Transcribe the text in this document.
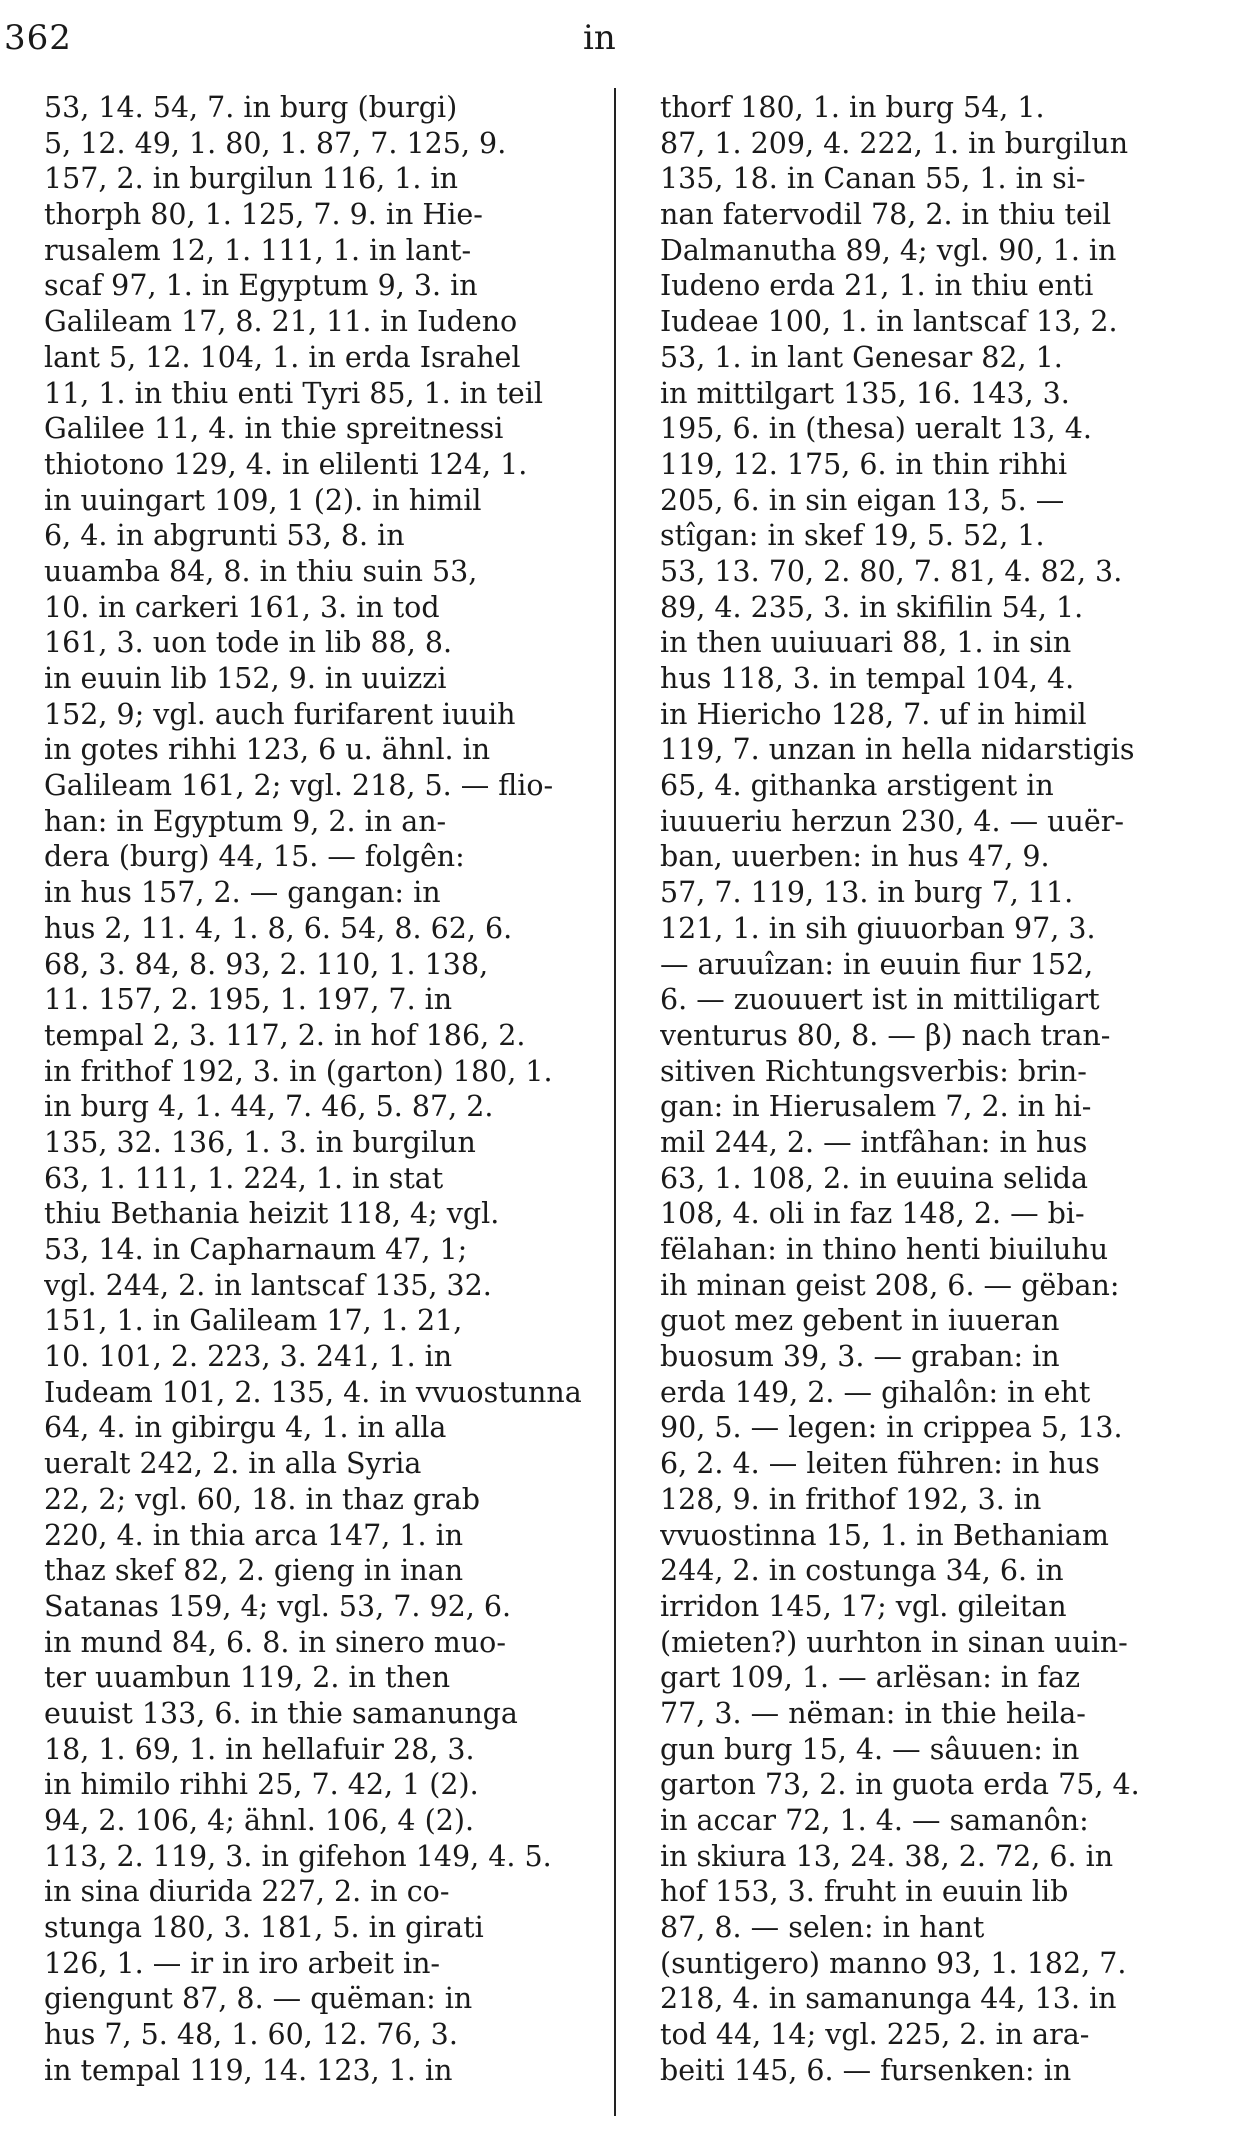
362	in
53, 14. 54, 7. in burg (burgi)
5, 12. 49, 1. 80, 1. 87, 7. 125, 9.
157, 2. in burgilun 116, 1. in
thorph 80, 1. 125, 7. 9. in Hie-
rusalem 12, 1. 111, 1. in lant-
scaf 97, 1. in Egyptum 9, 3. in
Galileam 17, 8. 21, 11. in Iudeno
lant 5, 12. 104, 1. in erda Israhel
11, 1. in thiu enti Tyri 85, 1. in teil
Galilee 11, 4. in thie spreitnessi
thiotono 129, 4. in elilenti 124, 1.
in uuingart 109, 1 (2). in himil
6, 4. in abgrunti 53, 8. in
uuamba 84, 8. in thiu suin 53,
10. in carkeri 161, 3. in tod
161, 3. uon tode in lib 88, 8.
in euuin lib 152, 9. in uuizzi
152, 9; vgl. auch furifarent iuuih
in gotes rihhi 123, 6 u. ähnl. in
Galileam 161, 2; vgl. 218, 5. — flio-
han: in Egyptum 9, 2. in an-
dera (burg) 44, 15. — folgên:
in hus 157, 2. — gangan: in
hus 2, 11. 4, 1. 8, 6. 54, 8. 62, 6.
68, 3. 84, 8. 93, 2. 110, 1. 138,
11. 157, 2. 195, 1. 197, 7. in
tempal 2, 3. 117, 2. in hof 186, 2.
in frithof 192, 3. in (garton) 180, 1.
in burg 4, 1. 44, 7. 46, 5. 87, 2.
135, 32. 136, 1. 3. in burgilun
63, 1. 111, 1. 224, 1. in stat
thiu Bethania heizit 118, 4; vgl.
53, 14. in Capharnaum 47, 1;
vgl. 244, 2. in lantscaf 135, 32.
151, 1. in Galileam 17, 1. 21,
10. 101, 2. 223, 3. 241, 1. in
Iudeam 101, 2. 135, 4. in vvuostunna
64, 4. in gibirgu 4, 1. in alla
ueralt 242, 2. in alla Syria
22, 2; vgl. 60, 18. in thaz grab
220, 4. in thia arca 147, 1. in
thaz skef 82, 2. gieng in inan
Satanas 159, 4; vgl. 53, 7. 92, 6.
in mund 84, 6. 8. in sinero muo-
ter uuambun 119, 2. in then
euuist 133, 6. in thie samanunga
18, 1. 69, 1. in hellafuir 28, 3.
in himilo rihhi 25, 7. 42, 1 (2).
94, 2. 106, 4; ähnl. 106, 4 (2).
113, 2. 119, 3. in gifehon 149, 4. 5.
in sina diurida 227, 2. in co-
stunga 180, 3. 181, 5. in girati
126, 1. — ir in iro arbeit in-
giengunt 87, 8. — quëman: in
hus 7, 5. 48, 1. 60, 12. 76, 3.
in tempal 119, 14. 123, 1. in
thorf 180, 1. in burg 54, 1.
87, 1. 209, 4. 222, 1. in burgilun
135, 18. in Canan 55, 1. in si-
nan fatervodil 78, 2. in thiu teil
Dalmanutha 89, 4; vgl. 90, 1. in
Iudeno erda 21, 1. in thiu enti
Iudeae 100, 1. in lantscaf 13, 2.
53, 1. in lant Genesar 82, 1.
in mittilgart 135, 16. 143, 3.
195, 6. in (thesa) ueralt 13, 4.
119, 12. 175, 6. in thin rihhi
205, 6. in sin eigan 13, 5. —
stîgan: in skef 19, 5. 52, 1.
53, 13. 70, 2. 80, 7. 81, 4. 82, 3.
89, 4. 235, 3. in skifilin 54, 1.
in then uuiuuari 88, 1. in sin
hus 118, 3. in tempal 104, 4.
in Hiericho 128, 7. uf in himil
119, 7. unzan in hella nidarstigis
65, 4. githanka arstigent in
iuuueriu herzun 230, 4. — uuër-
ban, uuerben: in hus 47, 9.
57, 7. 119, 13. in burg 7, 11.
121, 1. in sih giuuorban 97, 3.
— aruuîzan: in euuin fiur 152,
6. — zuouuert ist in mittiligart
venturus 80, 8. — β) nach tran-
sitiven Richtungsverbis: brin-
gan: in Hierusalem 7, 2. in hi-
mil 244, 2. — intfâhan: in hus
63, 1. 108, 2. in euuina selida
108, 4. oli in faz 148, 2. — bi-
fëlahan: in thino henti biuiluhu
ih minan geist 208, 6. — gëban:
guot mez gebent in iuueran
buosum 39, 3. — graban: in
erda 149, 2. — gihalôn: in eht
90, 5. — legen: in crippea 5, 13.
6, 2. 4. — leiten führen: in hus
128, 9. in frithof 192, 3. in
vvuostinna 15, 1. in Bethaniam
244, 2. in costunga 34, 6. in
irridon 145, 17; vgl. gileitan
(mieten?) uurhton in sinan uuin-
gart 109, 1. — arlësan: in faz
77, 3. — nëman: in thie heila-
gun burg 15, 4. — sâuuen: in
garton 73, 2. in guota erda 75, 4.
in accar 72, 1. 4. — samanôn:
in skiura 13, 24. 38, 2. 72, 6. in
hof 153, 3. fruht in euuin lib
87, 8. — selen: in hant
(suntigero) manno 93, 1. 182, 7.
218, 4. in samanunga 44, 13. in
tod 44, 14; vgl. 225, 2. in ara-
beiti 145, 6. — fursenken: in
